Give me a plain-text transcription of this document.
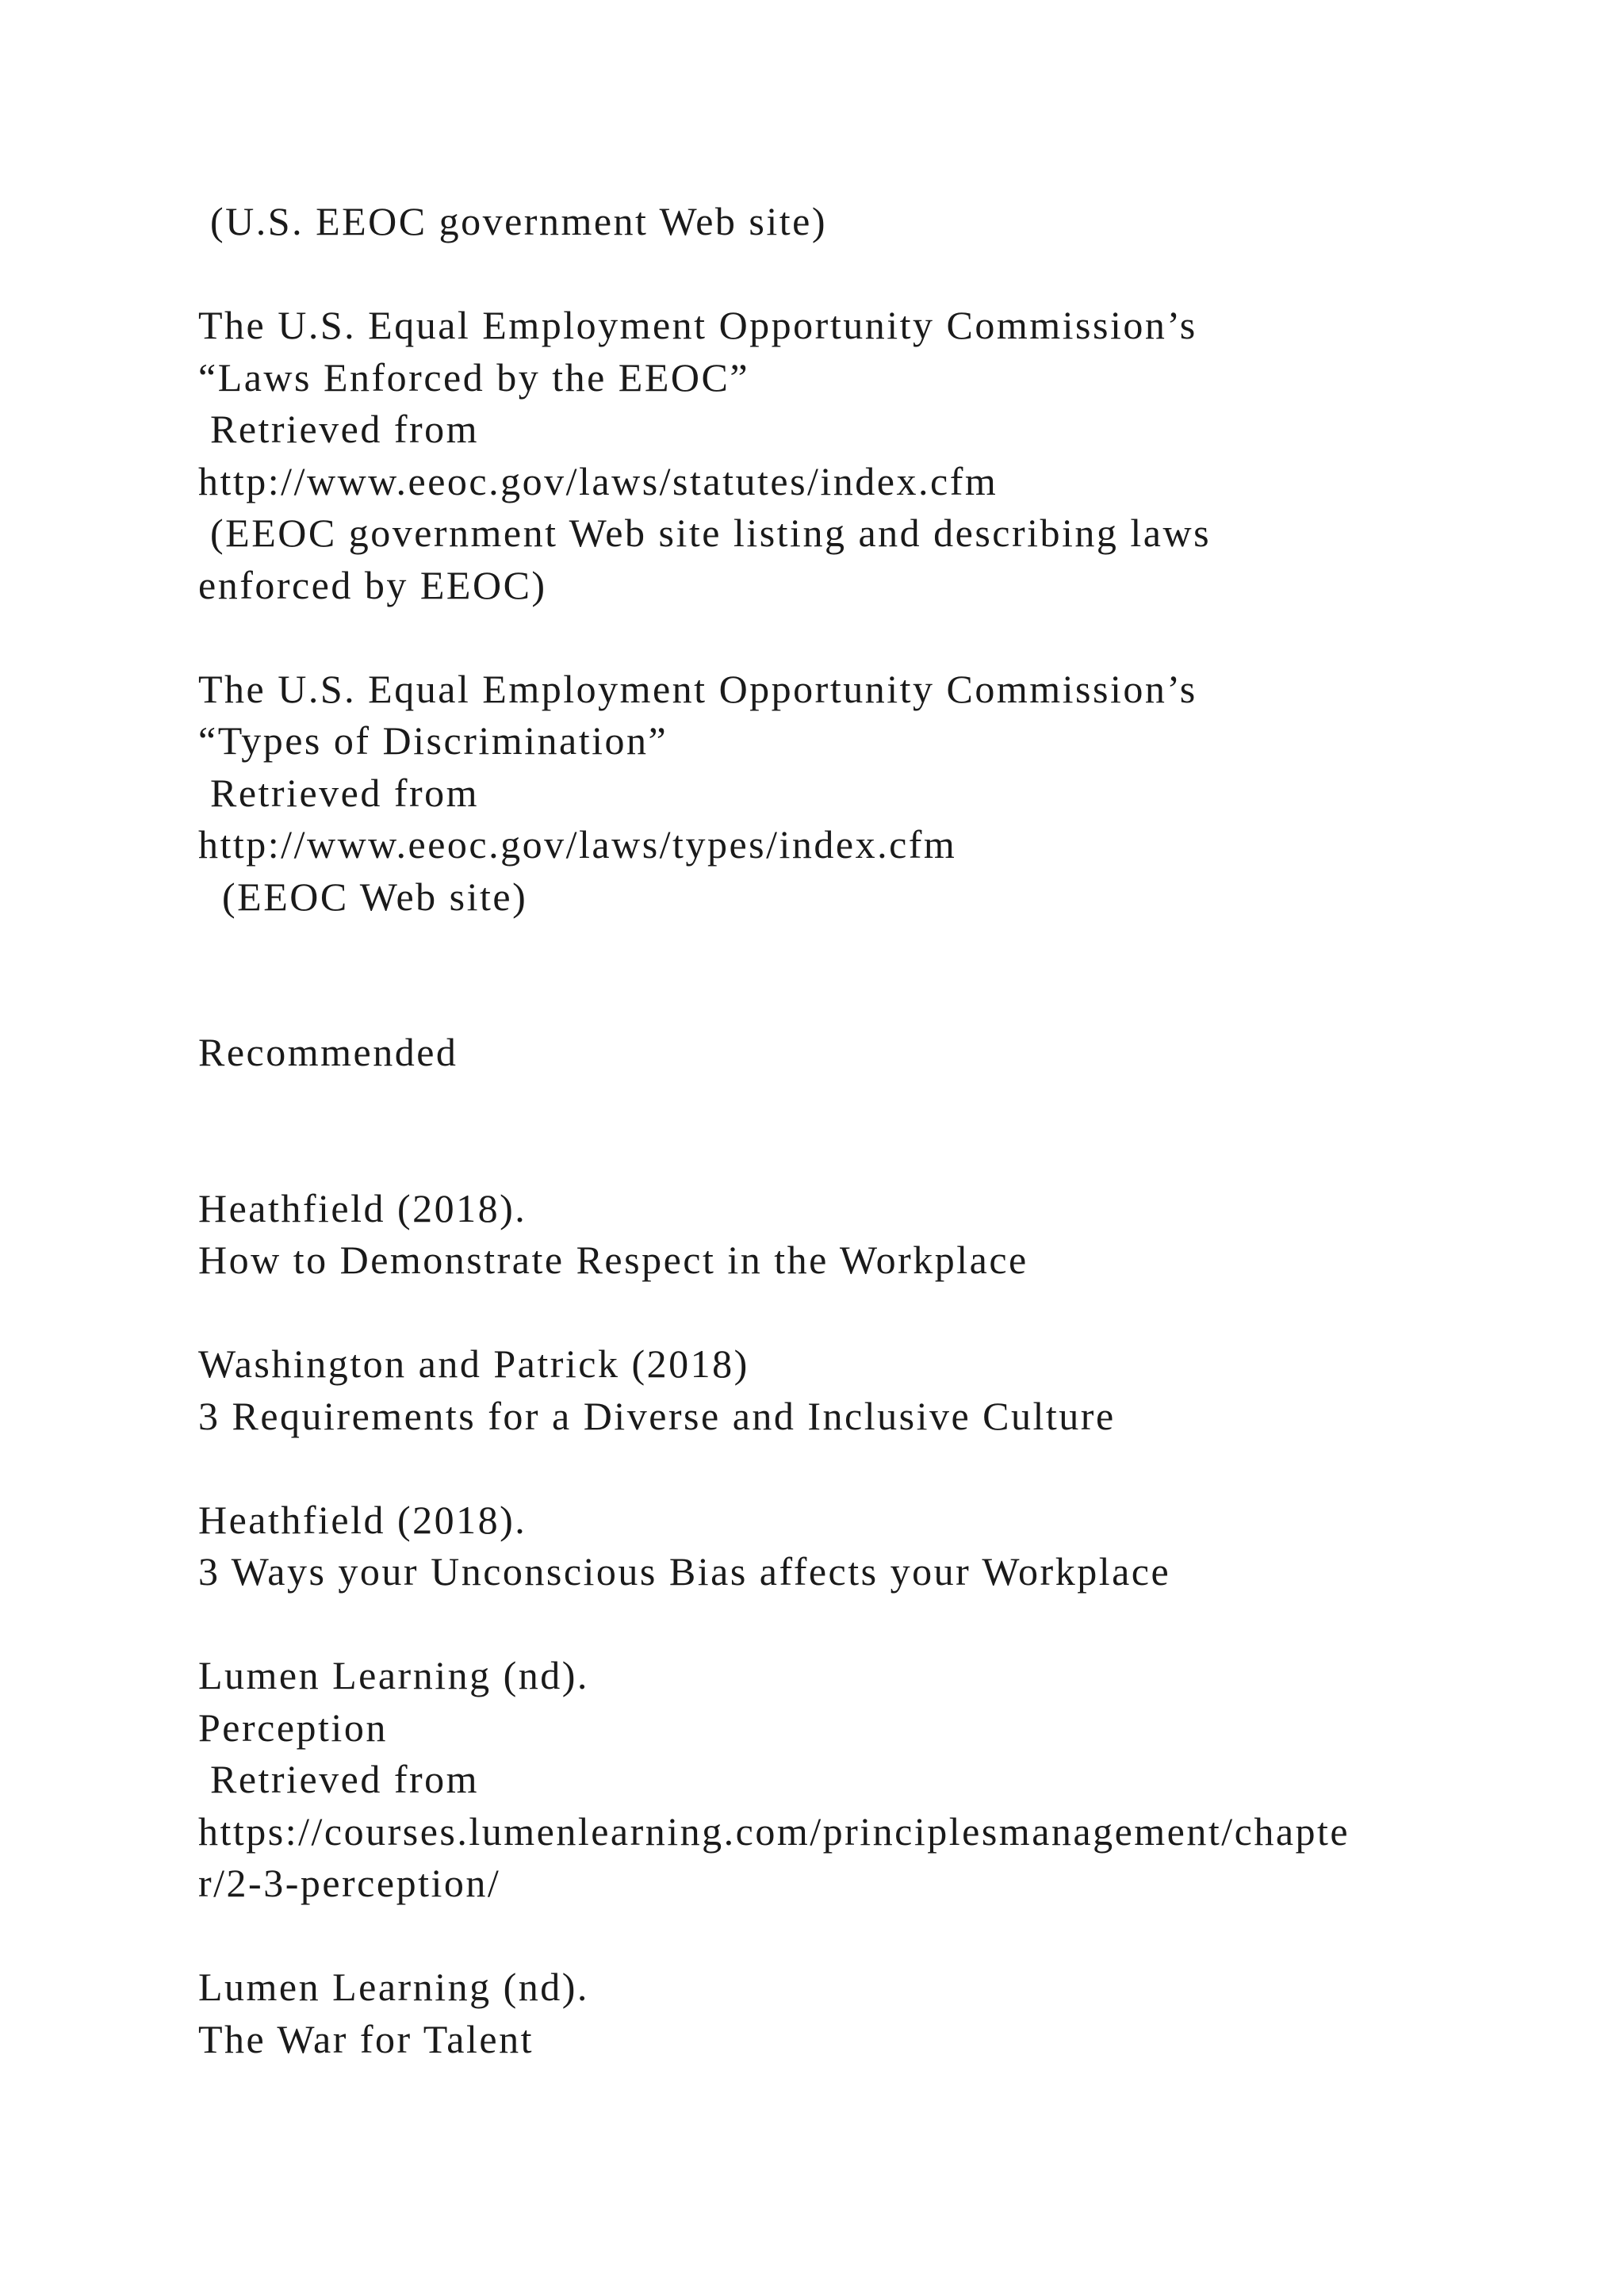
(U.S. EEOC government Web site)

The U.S. Equal Employment Opportunity Commission’s

“Laws Enforced by the EEOC”

Retrieved from

http://www.eeoc.gov/laws/statutes/index.cfm

(EEOC government Web site listing and describing laws

enforced by EEOC)

The U.S. Equal Employment Opportunity Commission’s

“Types of Discrimination”

Retrieved from

http://www.eeoc.gov/laws/types/index.cfm

(EEOC Web site)

Recommended

Heathfield (2018).

How to Demonstrate Respect in the Workplace

Washington and Patrick (2018)

3 Requirements for a Diverse and Inclusive Culture

Heathfield (2018).

3 Ways your Unconscious Bias affects your Workplace

Lumen Learning (nd).

Perception

Retrieved from

https://courses.lumenlearning.com/principlesmanagement/chapte

r/2-3-perception/

Lumen Learning (nd).

The War for Talent
